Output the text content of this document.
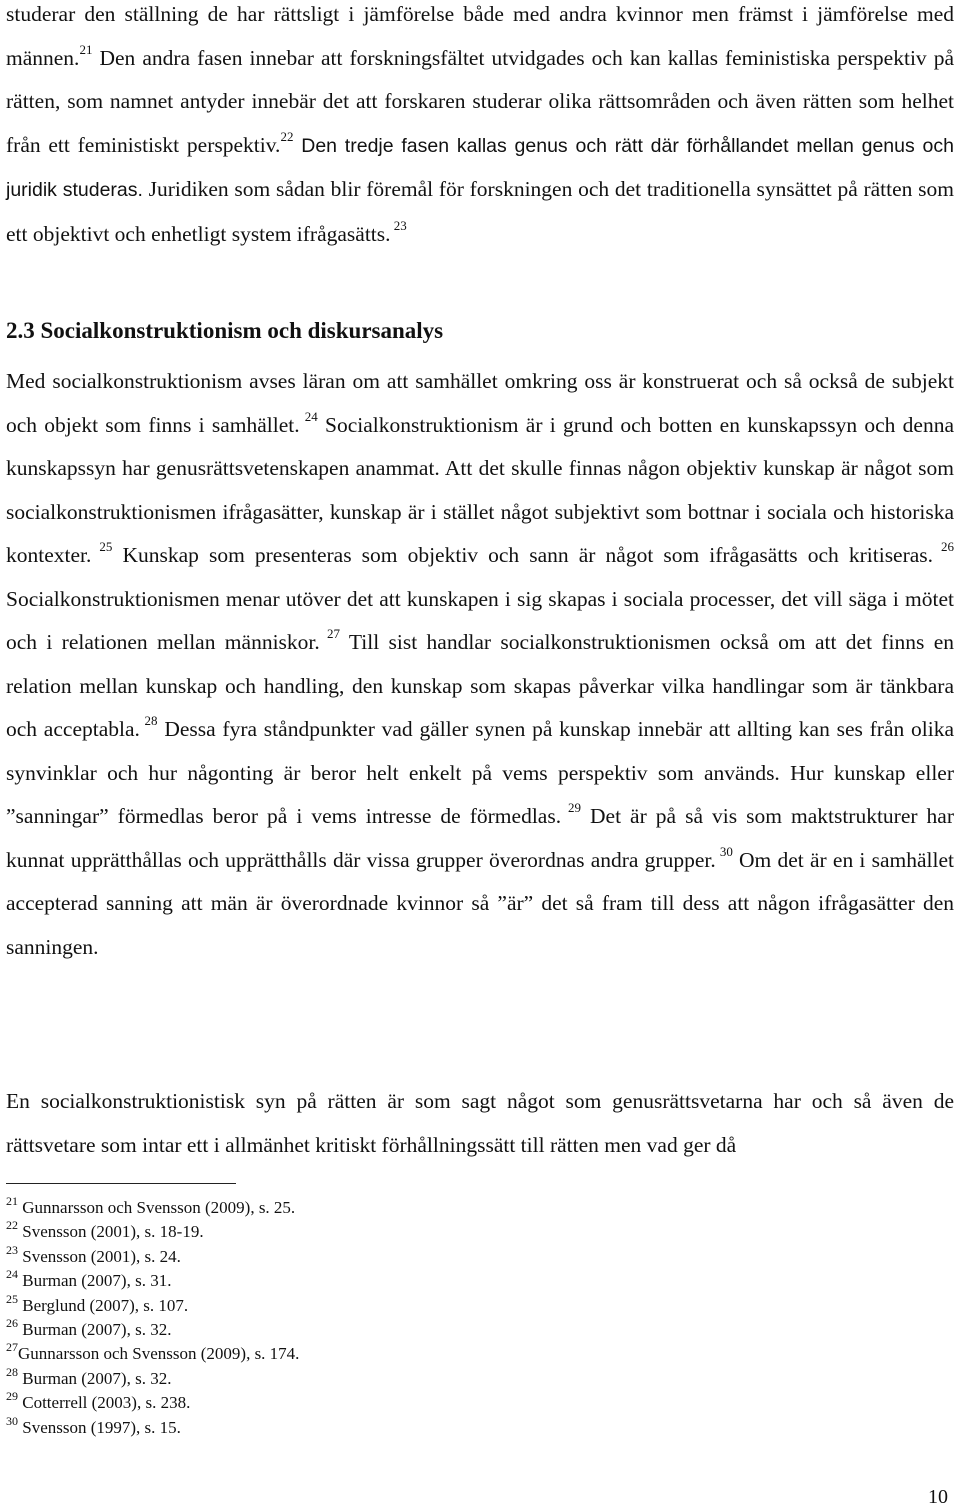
studerar den ställning de har rättsligt i jämförelse både med andra kvinnor men främst i jämförelse med männen.$^{21}$ Den andra fasen innebar att forskningsfältet utvidgades och kan kallas feministiska perspektiv på rätten, som namnet antyder innebär det att forskaren studerar olika rättsområden och även rätten som helhet från ett feministiskt perspektiv.$^{22}$ Den tredje fasen kallas genus och rätt där förhållandet mellan genus och juridik studeras. Juridiken som sådan blir föremål för forskningen och det traditionella synsättet på rätten som ett objektivt och enhetligt system ifrågasätts. $^{23}$

2.3 Socialkonstruktionism och diskursanalys

Med socialkonstruktionism avses läran om att samhället omkring oss är konstruerat och så också de subjekt och objekt som finns i samhället. $^{24}$ Socialkonstruktionism är i grund och botten en kunskapssyn och denna kunskapssyn har genusrättsvetenskapen anammat. Att det skulle finnas någon objektiv kunskap är något som socialkonstruktionismen ifrågasätter, kunskap är i stället något subjektivt som bottnar i sociala och historiska kontexter. $^{25}$ Kunskap som presenteras som objektiv och sann är något som ifrågasätts och kritiseras. $^{26}$ Socialkonstruktionismen menar utöver det att kunskapen i sig skapas i sociala processer, det vill säga i mötet och i relationen mellan människor. $^{27}$ Till sist handlar socialkonstruktionismen också om att det finns en relation mellan kunskap och handling, den kunskap som skapas påverkar vilka handlingar som är tänkbara och acceptabla. $^{28}$ Dessa fyra ståndpunkter vad gäller synen på kunskap innebär att allting kan ses från olika synvinklar och hur någonting är beror helt enkelt på vems perspektiv som används. Hur kunskap eller ”sanningar” förmedlas beror på i vems intresse de förmedlas. $^{29}$ Det är på så vis som maktstrukturer har kunnat upprätthållas och upprätthålls där vissa grupper överordnas andra grupper. $^{30}$ Om det är en i samhället accepterad sanning att män är överordnade kvinnor så ”är” det så fram till dess att någon ifrågasätter den sanningen.

En socialkonstruktionistisk syn på rätten är som sagt något som genusrättsvetarna har och så även de rättsvetare som intar ett i allmänhet kritiskt förhållningssätt till rätten men vad ger då

$^{21}$ Gunnarsson och Svensson (2009), s. 25.
$^{22}$ Svensson (2001), s. 18-19.
$^{23}$ Svensson (2001), s. 24.
$^{24}$ Burman (2007), s. 31.
$^{25}$ Berglund (2007), s. 107.
$^{26}$ Burman (2007), s. 32.
$^{27}$Gunnarsson och Svensson (2009), s. 174.
$^{28}$ Burman (2007), s. 32.
$^{29}$ Cotterrell (2003), s. 238.
$^{30}$ Svensson (1997), s. 15.
10
